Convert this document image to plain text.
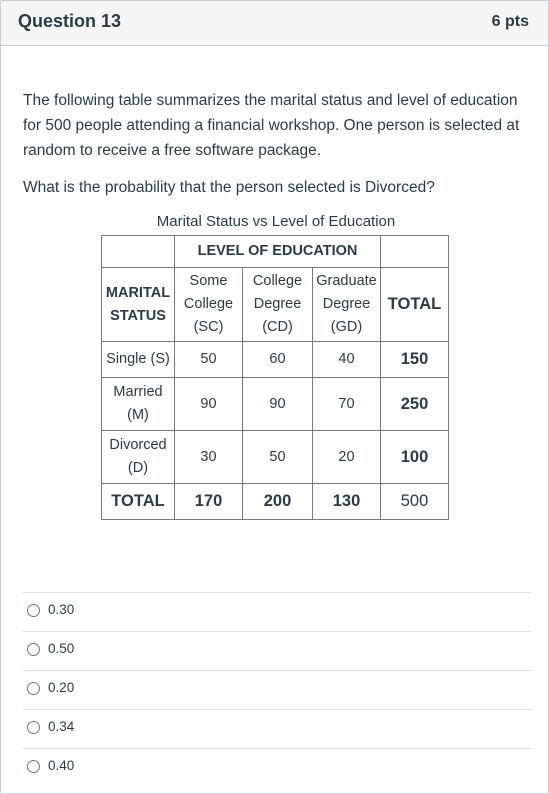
Question 13	6 pts

The following table summarizes the marital status and level of education for 500 people attending a financial workshop. One person is selected at random to receive a free software package.

What is the probability that the person selected is Divorced?

Marital Status vs Level of Education
	LEVEL OF EDUCATION			
MARITAL STATUS	Some College (SC)	College Degree (CD)	Graduate Degree (GD)	TOTAL
Single (S)	50	60	40	150
Married (M)	90	90	70	250
Divorced (D)	30	50	20	100
TOTAL	170	200	130	500
0.30
0.50
0.20
0.34
0.40
